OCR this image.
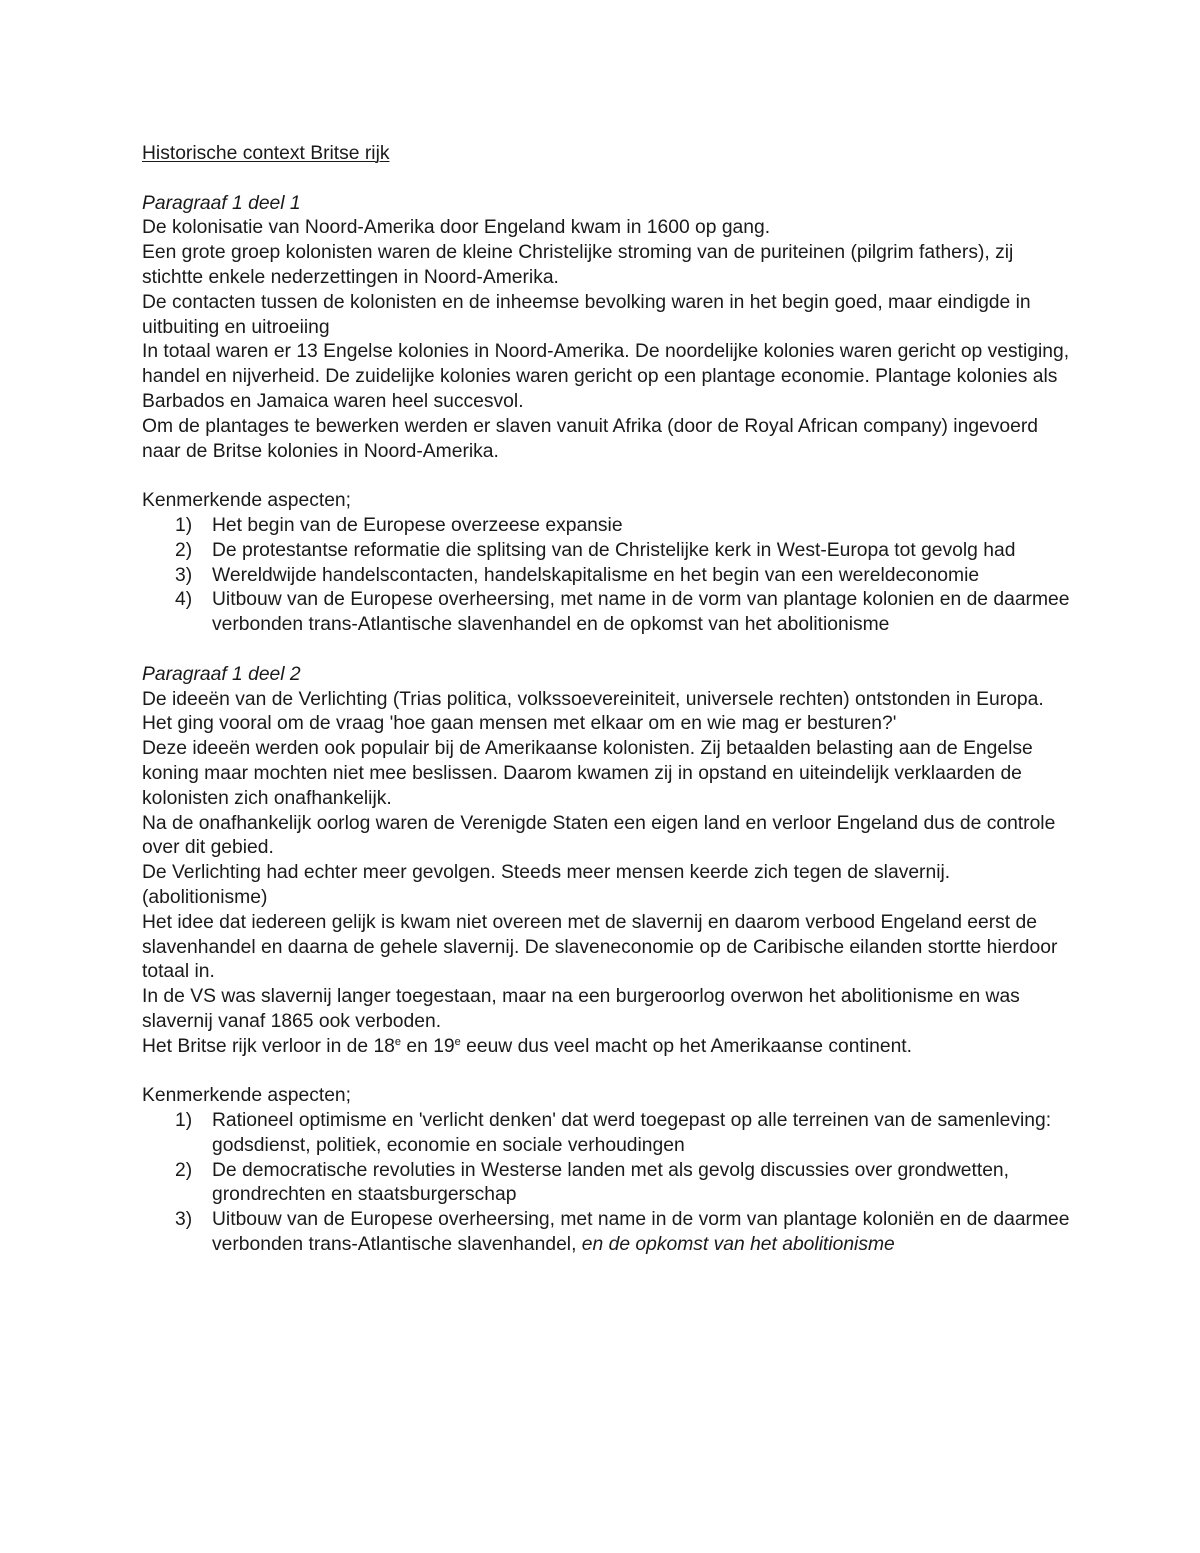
Historische context Britse rijk

Paragraaf 1 deel 1

De kolonisatie van Noord-Amerika door Engeland kwam in 1600 op gang.

Een grote groep kolonisten waren de kleine Christelijke stroming van de puriteinen (pilgrim fathers), zij stichtte enkele nederzettingen in Noord-Amerika.

De contacten tussen de kolonisten en de inheemse bevolking waren in het begin goed, maar eindigde in uitbuiting en uitroeiing

In totaal waren er 13 Engelse kolonies in Noord-Amerika. De noordelijke kolonies waren gericht op vestiging, handel en nijverheid. De zuidelijke kolonies waren gericht op een plantage economie. Plantage kolonies als Barbados en Jamaica waren heel succesvol.

Om de plantages te bewerken werden er slaven vanuit Afrika (door de Royal African company) ingevoerd naar de Britse kolonies in Noord-Amerika.

Kenmerkende aspecten;

1) Het begin van de Europese overzeese expansie
2) De protestantse reformatie die splitsing van de Christelijke kerk in West-Europa tot gevolg had
3) Wereldwijde handelscontacten, handelskapitalisme en het begin van een wereldeconomie
4) Uitbouw van de Europese overheersing, met name in de vorm van plantage kolonien en de daarmee verbonden trans-Atlantische slavenhandel en de opkomst van het abolitionisme

Paragraaf 1 deel 2

De ideeën van de Verlichting (Trias politica, volkssoevereiniteit, universele rechten) ontstonden in Europa. Het ging vooral om de vraag 'hoe gaan mensen met elkaar om en wie mag er besturen?'

Deze ideeën werden ook populair bij de Amerikaanse kolonisten. Zij betaalden belasting aan de Engelse koning maar mochten niet mee beslissen. Daarom kwamen zij in opstand en uiteindelijk verklaarden de kolonisten zich onafhankelijk.

Na de onafhankelijk oorlog waren de Verenigde Staten een eigen land en verloor Engeland dus de controle over dit gebied.

De Verlichting had echter meer gevolgen. Steeds meer mensen keerde zich tegen de slavernij. (abolitionisme)

Het idee dat iedereen gelijk is kwam niet overeen met de slavernij en daarom verbood Engeland eerst de slavenhandel en daarna de gehele slavernij. De slaveneconomie op de Caribische eilanden stortte hierdoor totaal in.

In de VS was slavernij langer toegestaan, maar na een burgeroorlog overwon het abolitionisme en was slavernij vanaf 1865 ook verboden.

Het Britse rijk verloor in de 18e en 19e eeuw dus veel macht op het Amerikaanse continent.

Kenmerkende aspecten;

1) Rationeel optimisme en 'verlicht denken' dat werd toegepast op alle terreinen van de samenleving: godsdienst, politiek, economie en sociale verhoudingen
2) De democratische revoluties in Westerse landen met als gevolg discussies over grondwetten, grondrechten en staatsburgerschap
3) Uitbouw van de Europese overheersing, met name in de vorm van plantage koloniën en de daarmee verbonden trans-Atlantische slavenhandel, en de opkomst van het abolitionisme
